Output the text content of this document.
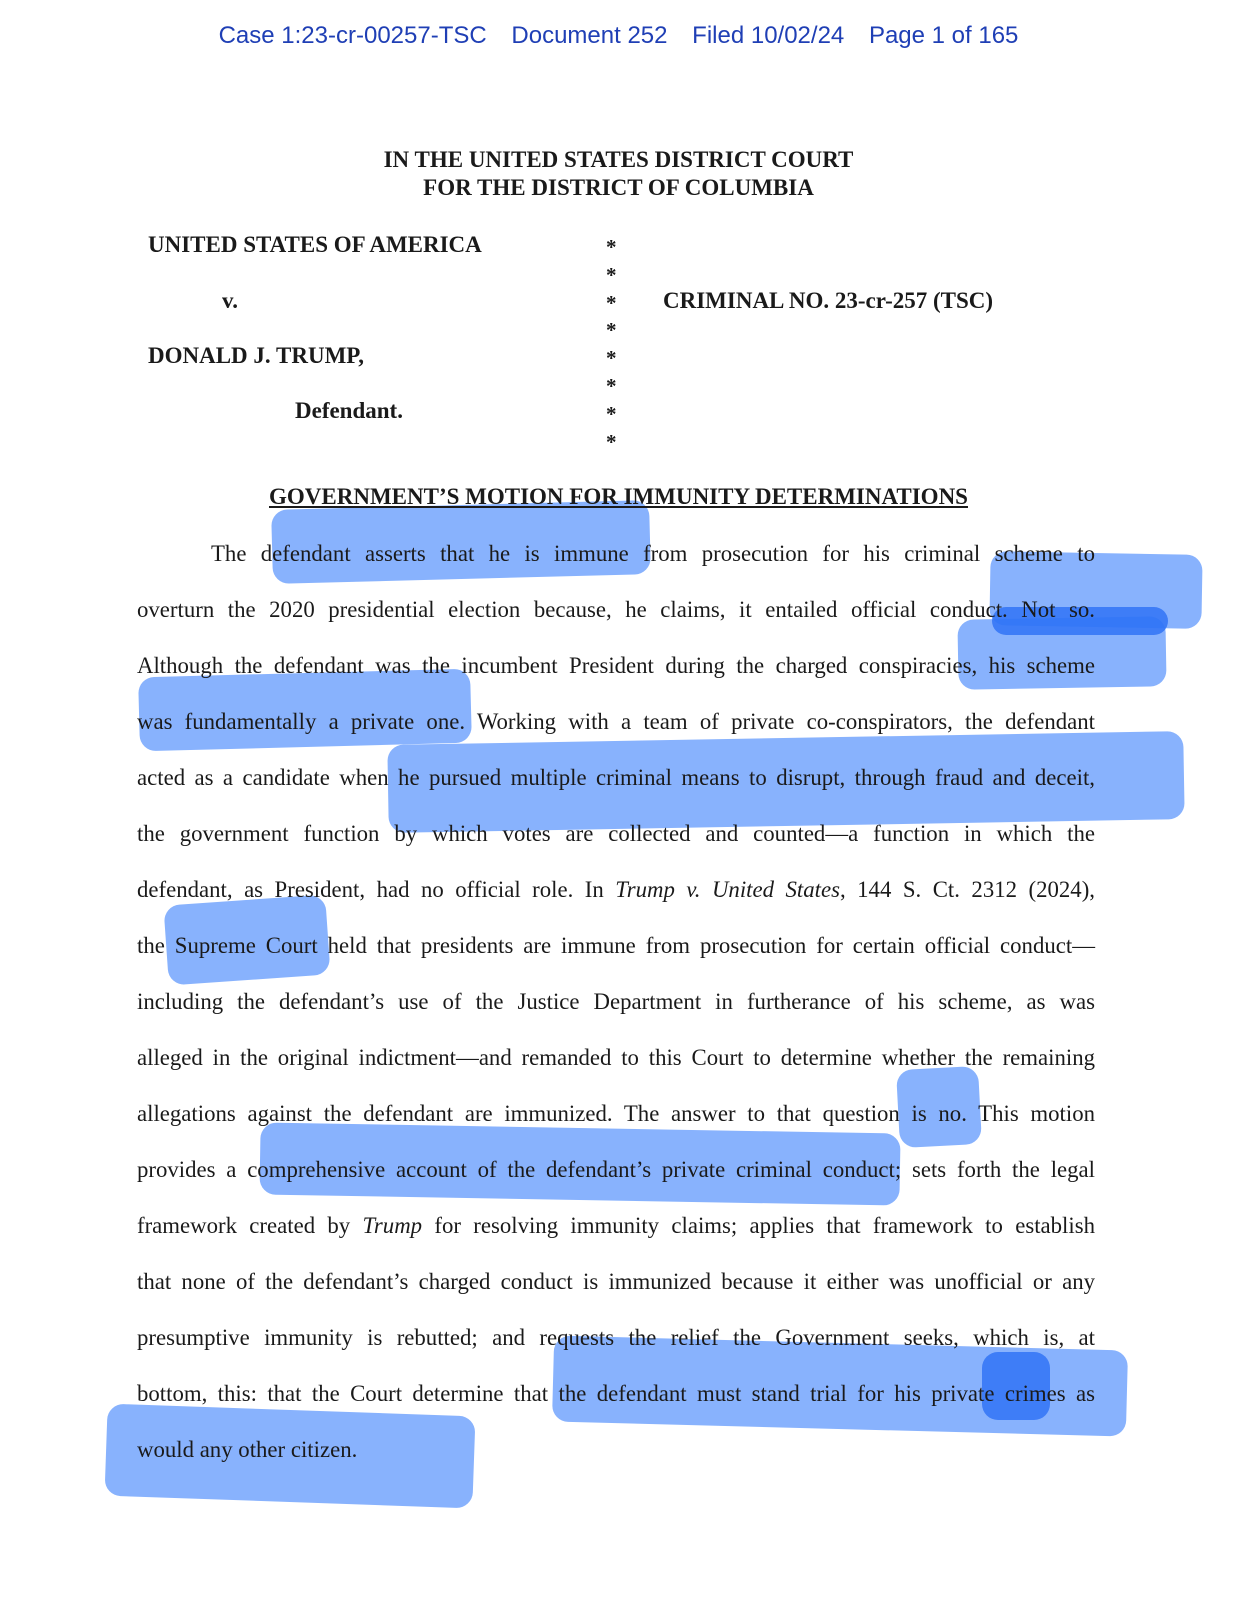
Case 1:23-cr-00257-TSC Document 252 Filed 10/02/24 Page 1 of 165
IN THE UNITED STATES DISTRICT COURT
FOR THE DISTRICT OF COLUMBIA
UNITED STATES OF AMERICA
v.
DONALD J. TRUMP,
Defendant.
CRIMINAL NO. 23-cr-257 (TSC)
*
*
*
*
*
*
*
*
GOVERNMENT’S MOTION FOR IMMUNITY DETERMINATIONS
The defendant asserts that he is immune from prosecution for his criminal scheme to
overturn the 2020 presidential election because, he claims, it entailed official conduct. Not so.
Although the defendant was the incumbent President during the charged conspiracies, his scheme
was fundamentally a private one. Working with a team of private co-conspirators, the defendant
acted as a candidate when he pursued multiple criminal means to disrupt, through fraud and deceit,
the government function by which votes are collected and counted—a function in which the
defendant, as President, had no official role. In Trump v. United States, 144 S. Ct. 2312 (2024),
the Supreme Court held that presidents are immune from prosecution for certain official conduct—
including the defendant’s use of the Justice Department in furtherance of his scheme, as was
alleged in the original indictment—and remanded to this Court to determine whether the remaining
allegations against the defendant are immunized. The answer to that question is no. This motion
provides a comprehensive account of the defendant’s private criminal conduct; sets forth the legal
framework created by Trump for resolving immunity claims; applies that framework to establish
that none of the defendant’s charged conduct is immunized because it either was unofficial or any
presumptive immunity is rebutted; and requests the relief the Government seeks, which is, at
bottom, this: that the Court determine that the defendant must stand trial for his private crimes as
would any other citizen.
